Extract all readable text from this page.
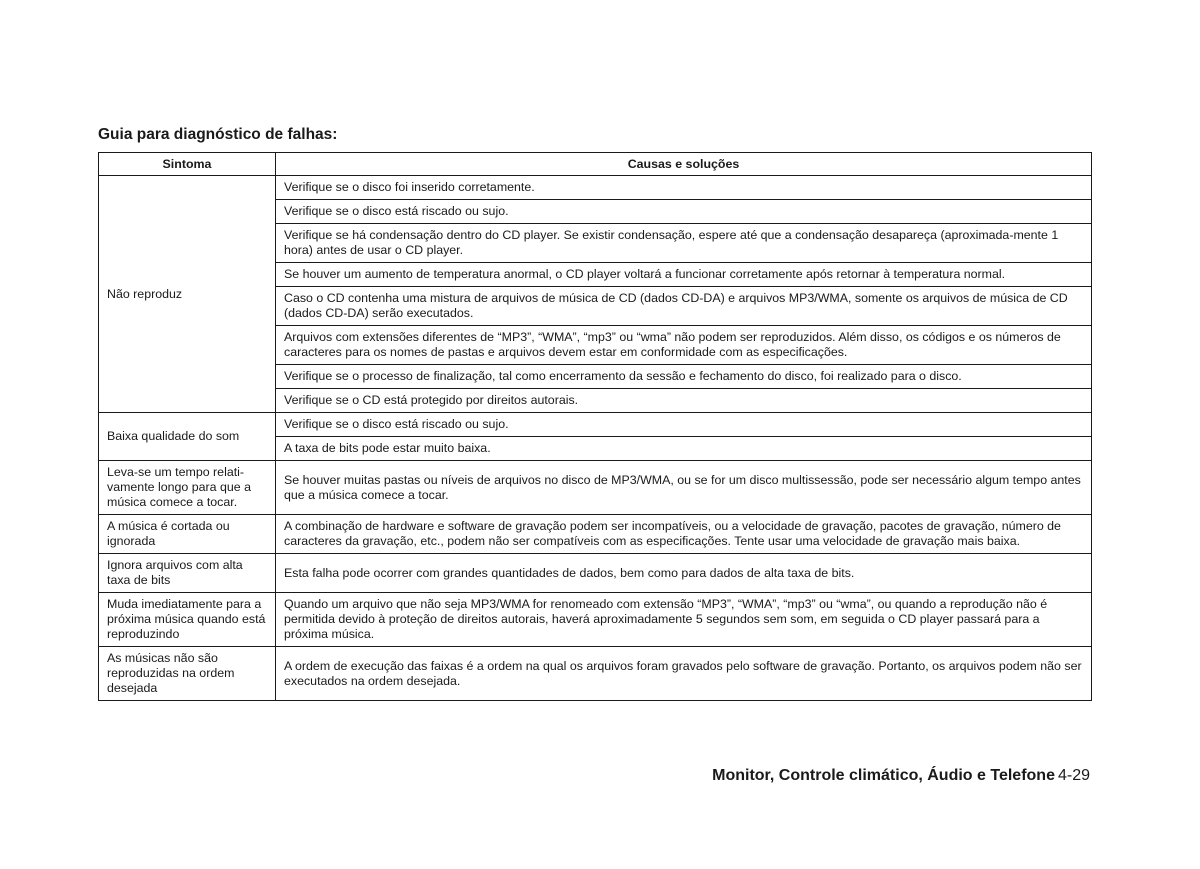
Guia para diagnóstico de falhas:
Sintoma	Causas e soluções
Não reproduz	Verifique se o disco foi inserido corretamente.
	Verifique se o disco está riscado ou sujo.
	Verifique se há condensação dentro do CD player. Se existir condensação, espere até que a condensação desapareça (aproximada-mente 1 hora) antes de usar o CD player.
	Se houver um aumento de temperatura anormal, o CD player voltará a funcionar corretamente após retornar à temperatura normal.
	Caso o CD contenha uma mistura de arquivos de música de CD (dados CD-DA) e arquivos MP3/WMA, somente os arquivos de música de CD (dados CD-DA) serão executados.
	Arquivos com extensões diferentes de “MP3”, “WMA”, “mp3” ou “wma” não podem ser reproduzidos. Além disso, os códigos e os números de caracteres para os nomes de pastas e arquivos devem estar em conformidade com as especificações.
	Verifique se o processo de finalização, tal como encerramento da sessão e fechamento do disco, foi realizado para o disco.
	Verifique se o CD está protegido por direitos autorais.
Baixa qualidade do som	Verifique se o disco está riscado ou sujo.
	A taxa de bits pode estar muito baixa.
Leva-se um tempo relati-vamente longo para que a música comece a tocar.	Se houver muitas pastas ou níveis de arquivos no disco de MP3/WMA, ou se for um disco multissessão, pode ser necessário algum tempo antes que a música comece a tocar.
A música é cortada ou ignorada	A combinação de hardware e software de gravação podem ser incompatíveis, ou a velocidade de gravação, pacotes de gravação, número de caracteres da gravação, etc., podem não ser compatíveis com as especificações. Tente usar uma velocidade de gravação mais baixa.
Ignora arquivos com alta taxa de bits	Esta falha pode ocorrer com grandes quantidades de dados, bem como para dados de alta taxa de bits.
Muda imediatamente para a próxima música quando está reproduzindo	Quando um arquivo que não seja MP3/WMA for renomeado com extensão “MP3”, “WMA”, “mp3” ou “wma”, ou quando a reprodução não é permitida devido à proteção de direitos autorais, haverá aproximadamente 5 segundos sem som, em seguida o CD player passará para a próxima música.
As músicas não são reproduzidas na ordem desejada	A ordem de execução das faixas é a ordem na qual os arquivos foram gravados pelo software de gravação. Portanto, os arquivos podem não ser executados na ordem desejada.
Monitor, Controle climático, Áudio e Telefone 4-29
